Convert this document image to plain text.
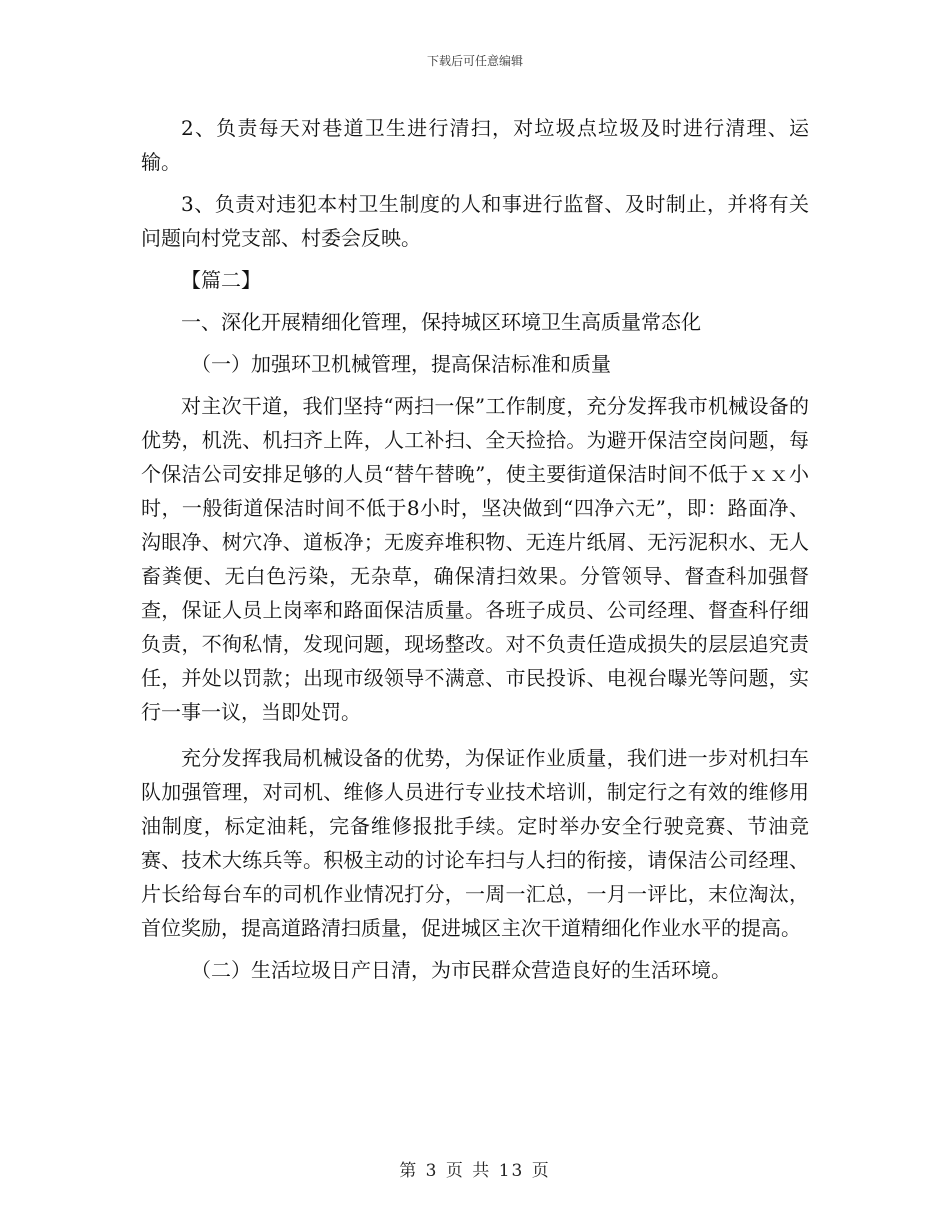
下载后可任意编辑

2、负责每天对巷道卫生进行清扫，对垃圾点垃圾及时进行清理、运输。

3、负责对违犯本村卫生制度的人和事进行监督、及时制止，并将有关问题向村党支部、村委会反映。

【篇二】

一、深化开展精细化管理，保持城区环境卫生高质量常态化

（一）加强环卫机械管理，提高保洁标准和质量

对主次干道，我们坚持“两扫一保”工作制度，充分发挥我市机械设备的优势，机洗、机扫齐上阵，人工补扫、全天捡拾。为避开保洁空岗问题，每个保洁公司安排足够的人员“替午替晚”，使主要街道保洁时间不低于ｘｘ小时，一般街道保洁时间不低于8小时，坚决做到“四净六无”，即：路面净、沟眼净、树穴净、道板净；无废弃堆积物、无连片纸屑、无污泥积水、无人畜粪便、无白色污染，无杂草，确保清扫效果。分管领导、督查科加强督查，保证人员上岗率和路面保洁质量。各班子成员、公司经理、督查科仔细负责，不徇私情，发现问题，现场整改。对不负责任造成损失的层层追究责任，并处以罚款；出现市级领导不满意、市民投诉、电视台曝光等问题，实行一事一议，当即处罚。

充分发挥我局机械设备的优势，为保证作业质量，我们进一步对机扫车队加强管理，对司机、维修人员进行专业技术培训，制定行之有效的维修用油制度，标定油耗，完备维修报批手续。定时举办安全行驶竞赛、节油竞赛、技术大练兵等。积极主动的讨论车扫与人扫的衔接，请保洁公司经理、片长给每台车的司机作业情况打分，一周一汇总，一月一评比，末位淘汰，首位奖励，提高道路清扫质量，促进城区主次干道精细化作业水平的提高。

（二）生活垃圾日产日清，为市民群众营造良好的生活环境。

第 3 页 共 13 页
